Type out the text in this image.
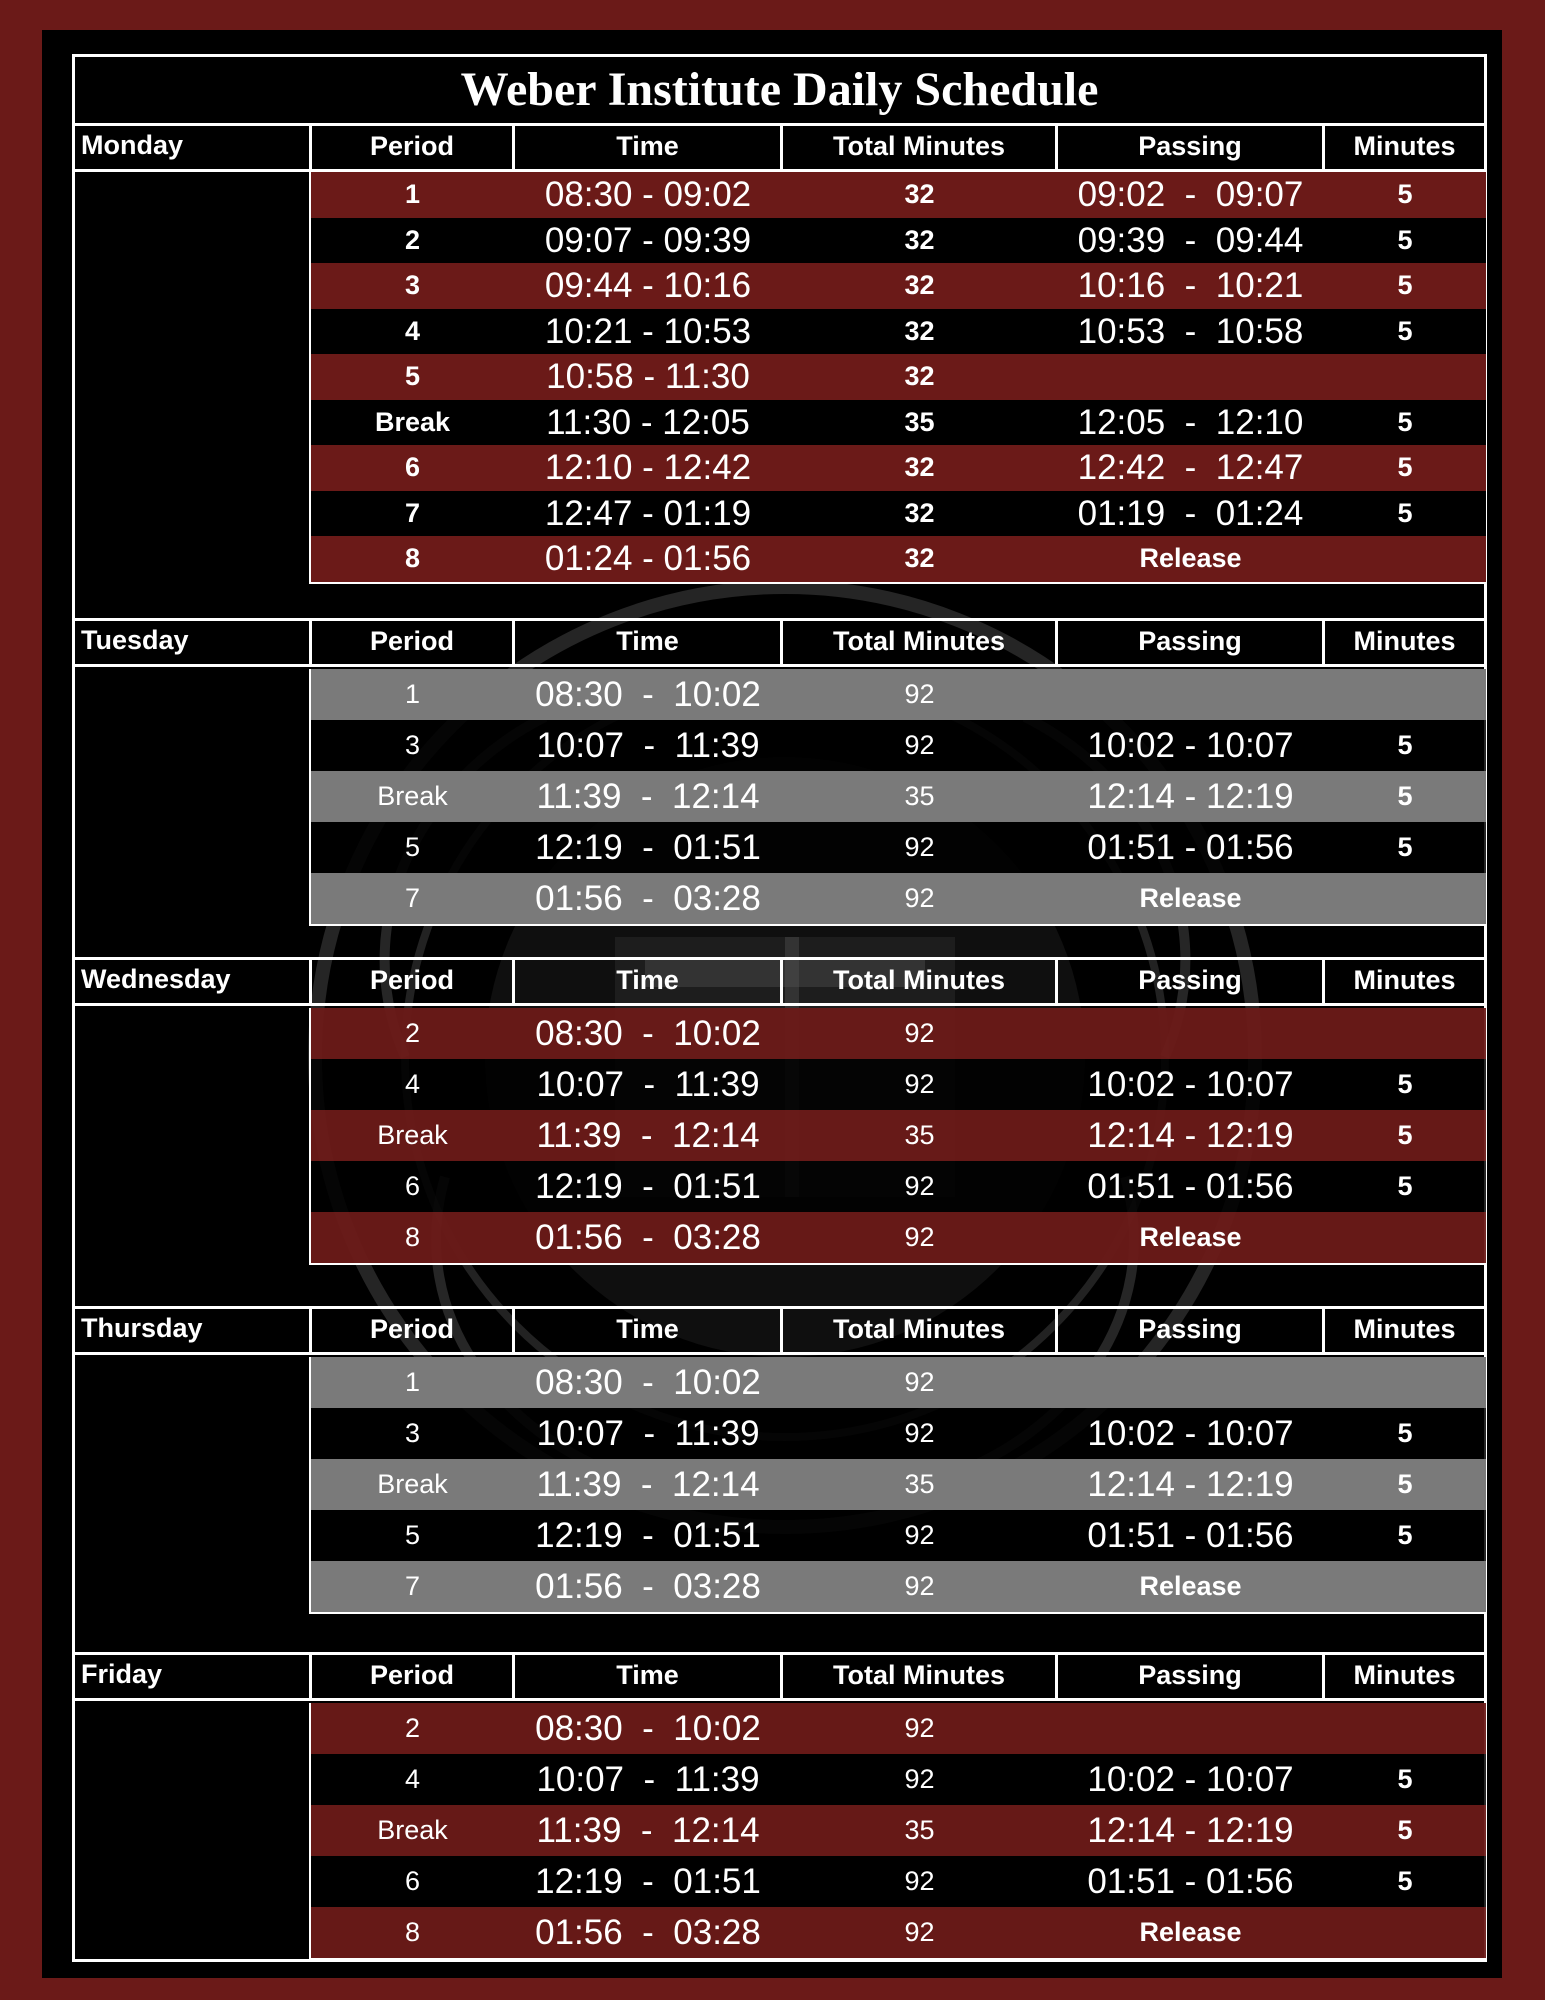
Weber Institute Daily Schedule
Monday	Period	Time	Total Minutes	Passing	Minutes
1	08:30 - 09:02	32	09:02  -  09:07	5
2	09:07 - 09:39	32	09:39  -  09:44	5
3	09:44 - 10:16	32	10:16  -  10:21	5
4	10:21 - 10:53	32	10:53  -  10:58	5
5	10:58 - 11:30	32
Break	11:30 - 12:05	35	12:05  -  12:10	5
6	12:10 - 12:42	32	12:42  -  12:47	5
7	12:47 - 01:19	32	01:19  -  01:24	5
8	01:24 - 01:56	32	Release
Tuesday	Period	Time	Total Minutes	Passing	Minutes
1	08:30  -  10:02	92
3	10:07  -  11:39	92	10:02 - 10:07	5
Break	11:39  -  12:14	35	12:14 - 12:19	5
5	12:19  -  01:51	92	01:51 - 01:56	5
7	01:56  -  03:28	92	Release
Wednesday	Period	Time	Total Minutes	Passing	Minutes
2	08:30  -  10:02	92
4	10:07  -  11:39	92	10:02 - 10:07	5
Break	11:39  -  12:14	35	12:14 - 12:19	5
6	12:19  -  01:51	92	01:51 - 01:56	5
8	01:56  -  03:28	92	Release
Thursday	Period	Time	Total Minutes	Passing	Minutes
1	08:30  -  10:02	92
3	10:07  -  11:39	92	10:02 - 10:07	5
Break	11:39  -  12:14	35	12:14 - 12:19	5
5	12:19  -  01:51	92	01:51 - 01:56	5
7	01:56  -  03:28	92	Release
Friday	Period	Time	Total Minutes	Passing	Minutes
2	08:30  -  10:02	92
4	10:07  -  11:39	92	10:02 - 10:07	5
Break	11:39  -  12:14	35	12:14 - 12:19	5
6	12:19  -  01:51	92	01:51 - 01:56	5
8	01:56  -  03:28	92	Release
